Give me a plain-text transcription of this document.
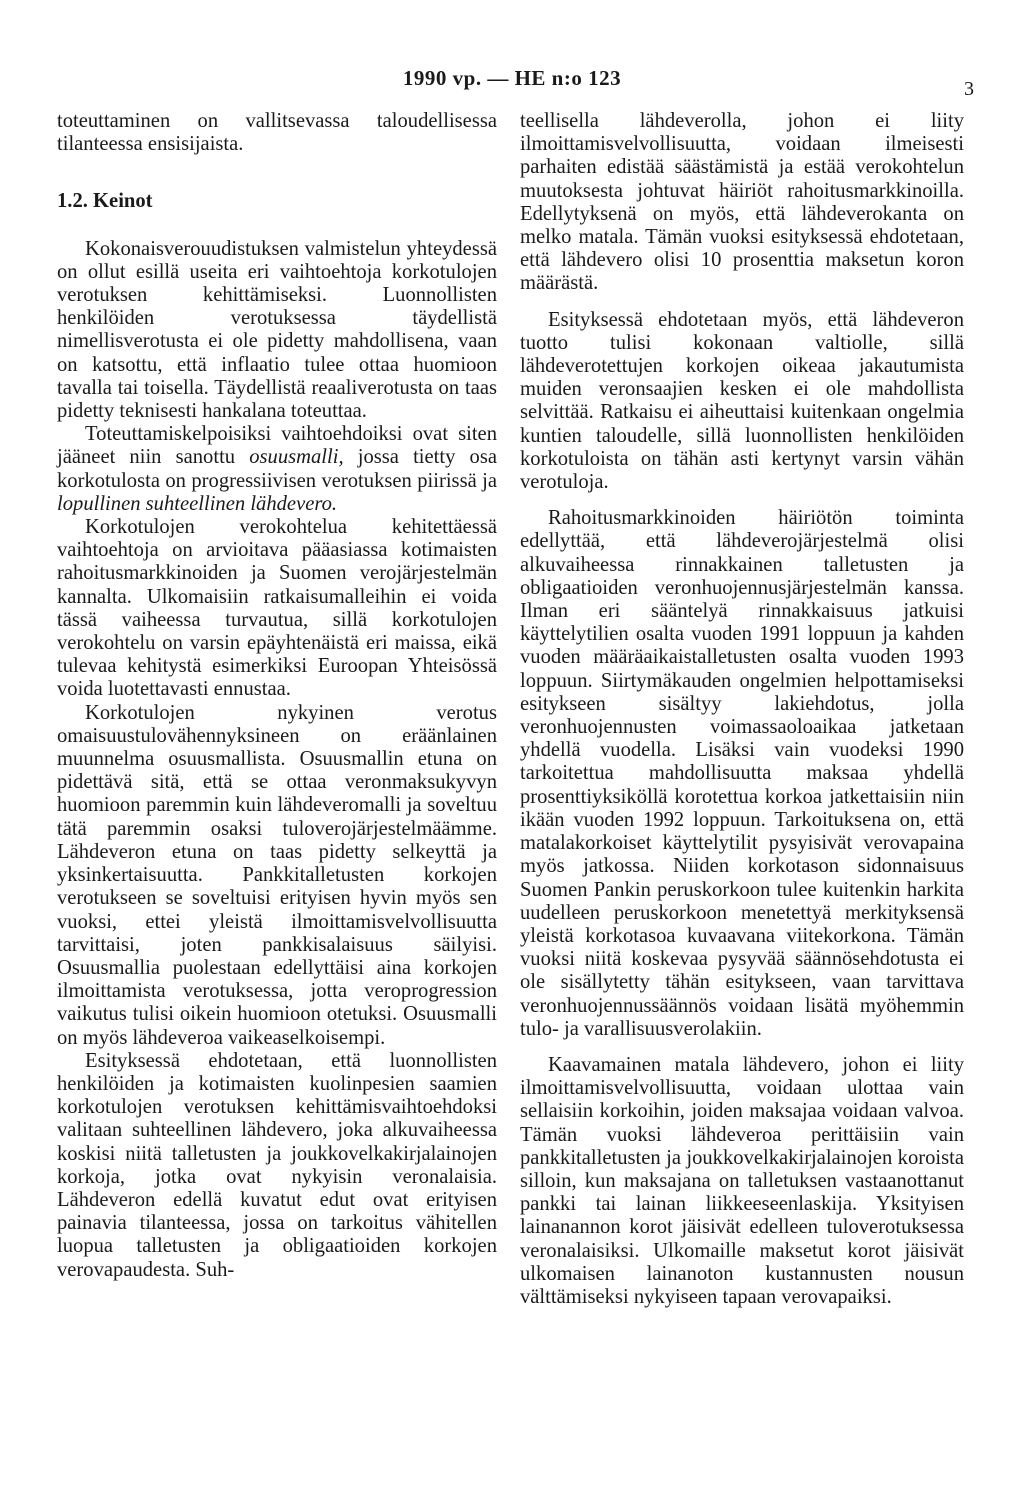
1990 vp. — HE n:o 123	3

toteuttaminen on vallitsevassa taloudellisessa tilanteessa ensisijaista.

1.2. Keinot

Kokonaisverouudistuksen valmistelun yhteydessä on ollut esillä useita eri vaihtoehtoja korkotulojen verotuksen kehittämiseksi. Luonnollisten henkilöiden verotuksessa täydellistä nimellisverotusta ei ole pidetty mahdollisena, vaan on katsottu, että inflaatio tulee ottaa huomioon tavalla tai toisella. Täydellistä reaaliverotusta on taas pidetty teknisesti hankalana toteuttaa.

Toteuttamiskelpoisiksi vaihtoehdoiksi ovat siten jääneet niin sanottu osuusmalli, jossa tietty osa korkotulosta on progressiivisen verotuksen piirissä ja lopullinen suhteellinen lähdevero.

Korkotulojen verokohtelua kehitettäessä vaihtoehtoja on arvioitava pääasiassa kotimaisten rahoitusmarkkinoiden ja Suomen verojärjestelmän kannalta. Ulkomaisiin ratkaisumalleihin ei voida tässä vaiheessa turvautua, sillä korkotulojen verokohtelu on varsin epäyhtenäistä eri maissa, eikä tulevaa kehitystä esimerkiksi Euroopan Yhteisössä voida luotettavasti ennustaa.

Korkotulojen nykyinen verotus omaisuustulovähennyksineen on eräänlainen muunnelma osuusmallista. Osuusmallin etuna on pidettävä sitä, että se ottaa veronmaksukyvyn huomioon paremmin kuin lähdeveromalli ja soveltuu tätä paremmin osaksi tuloverojärjestelmäämme. Lähdeveron etuna on taas pidetty selkeyttä ja yksinkertaisuutta. Pankkitalletusten korkojen verotukseen se soveltuisi erityisen hyvin myös sen vuoksi, ettei yleistä ilmoittamisvelvollisuutta tarvittaisi, joten pankkisalaisuus säilyisi. Osuusmallia puolestaan edellyttäisi aina korkojen ilmoittamista verotuksessa, jotta veroprogression vaikutus tulisi oikein huomioon otetuksi. Osuusmalli on myös lähdeveroa vaikeaselkoisempi.

Esityksessä ehdotetaan, että luonnollisten henkilöiden ja kotimaisten kuolinpesien saamien korkotulojen verotuksen kehittämisvaihtoehdoksi valitaan suhteellinen lähdevero, joka alkuvaiheessa koskisi niitä talletusten ja joukkovelkakirjalainojen korkoja, jotka ovat nykyisin veronalaisia. Lähdeveron edellä kuvatut edut ovat erityisen painavia tilanteessa, jossa on tarkoitus vähitellen luopua talletusten ja obligaatioiden korkojen verovapaudesta. Suh-

teellisella lähdeverolla, johon ei liity ilmoittamisvelvollisuutta, voidaan ilmeisesti parhaiten edistää säästämistä ja estää verokohtelun muutoksesta johtuvat häiriöt rahoitusmarkkinoilla. Edellytyksenä on myös, että lähdeverokanta on melko matala. Tämän vuoksi esityksessä ehdotetaan, että lähdevero olisi 10 prosenttia maksetun koron määrästä.

Esityksessä ehdotetaan myös, että lähdeveron tuotto tulisi kokonaan valtiolle, sillä lähdeverotettujen korkojen oikeaa jakautumista muiden veronsaajien kesken ei ole mahdollista selvittää. Ratkaisu ei aiheuttaisi kuitenkaan ongelmia kuntien taloudelle, sillä luonnollisten henkilöiden korkotuloista on tähän asti kertynyt varsin vähän verotuloja.

Rahoitusmarkkinoiden häiriötön toiminta edellyttää, että lähdeverojärjestelmä olisi alkuvaiheessa rinnakkainen talletusten ja obligaatioiden veronhuojennusjärjestelmän kanssa. Ilman eri sääntelyä rinnakkaisuus jatkuisi käyttelytilien osalta vuoden 1991 loppuun ja kahden vuoden määräaikaistalletusten osalta vuoden 1993 loppuun. Siirtymäkauden ongelmien helpottamiseksi esitykseen sisältyy lakiehdotus, jolla veronhuojennusten voimassaoloaikaa jatketaan yhdellä vuodella. Lisäksi vain vuodeksi 1990 tarkoitettua mahdollisuutta maksaa yhdellä prosenttiyksiköllä korotettua korkoa jatkettaisiin niin ikään vuoden 1992 loppuun. Tarkoituksena on, että matalakorkoiset käyttelytilit pysyisivät verovapaina myös jatkossa. Niiden korkotason sidonnaisuus Suomen Pankin peruskorkoon tulee kuitenkin harkita uudelleen peruskorkoon menetettyä merkityksensä yleistä korkotasoa kuvaavana viitekorkona. Tämän vuoksi niitä koskevaa pysyvää säännösehdotusta ei ole sisällytetty tähän esitykseen, vaan tarvittava veronhuojennussäännös voidaan lisätä myöhemmin tulo- ja varallisuusverolakiin.

Kaavamainen matala lähdevero, johon ei liity ilmoittamisvelvollisuutta, voidaan ulottaa vain sellaisiin korkoihin, joiden maksajaa voidaan valvoa. Tämän vuoksi lähdeveroa perittäisiin vain pankkitalletusten ja joukkovelkakirjalainojen koroista silloin, kun maksajana on talletuksen vastaanottanut pankki tai lainan liikkeeseenlaskija. Yksityisen lainanannon korot jäisivät edelleen tuloverotuksessa veronalaisiksi. Ulkomaille maksetut korot jäisivät ulkomaisen lainanoton kustannusten nousun välttämiseksi nykyiseen tapaan verovapaiksi.
